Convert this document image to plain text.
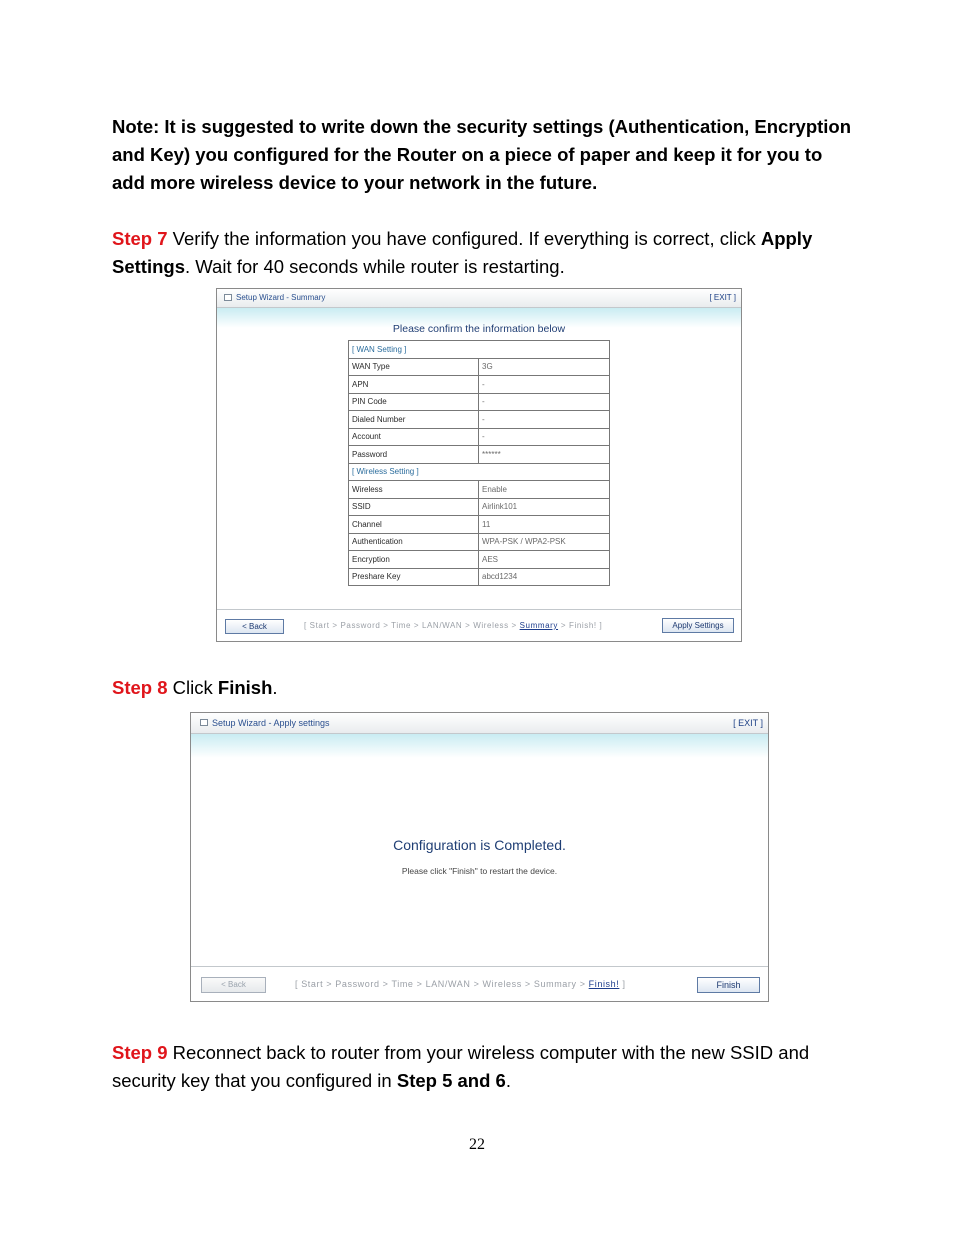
Note: It is suggested to write down the security settings (Authentication, Encryption and Key) you configured for the Router on a piece of paper and keep it for you to add more wireless device to your network in the future.
Step 7 Verify the information you have configured. If everything is correct, click Apply Settings. Wait for 40 seconds while router is restarting.
Setup Wizard - Summary	[ EXIT ]
Please confirm the information below
[ WAN Setting ]	
WAN Type	3G
APN	-
PIN Code	-
Dialed Number	-
Account	-
Password	******
[ Wireless Setting ]	
Wireless	Enable
SSID	Airlink101
Channel	11
Authentication	WPA-PSK / WPA2-PSK
Encryption	AES
Preshare Key	abcd1234
< Back	[ Start > Password > Time > LAN/WAN > Wireless > Summary > Finish! ]	Apply Settings
Step 8 Click Finish.
Setup Wizard - Apply settings	[ EXIT ]
Configuration is Completed.
Please click "Finish" to restart the device.
< Back	[ Start > Password > Time > LAN/WAN > Wireless > Summary > Finish! ]	Finish
Step 9 Reconnect back to router from your wireless computer with the new SSID and security key that you configured in Step 5 and 6.
22
